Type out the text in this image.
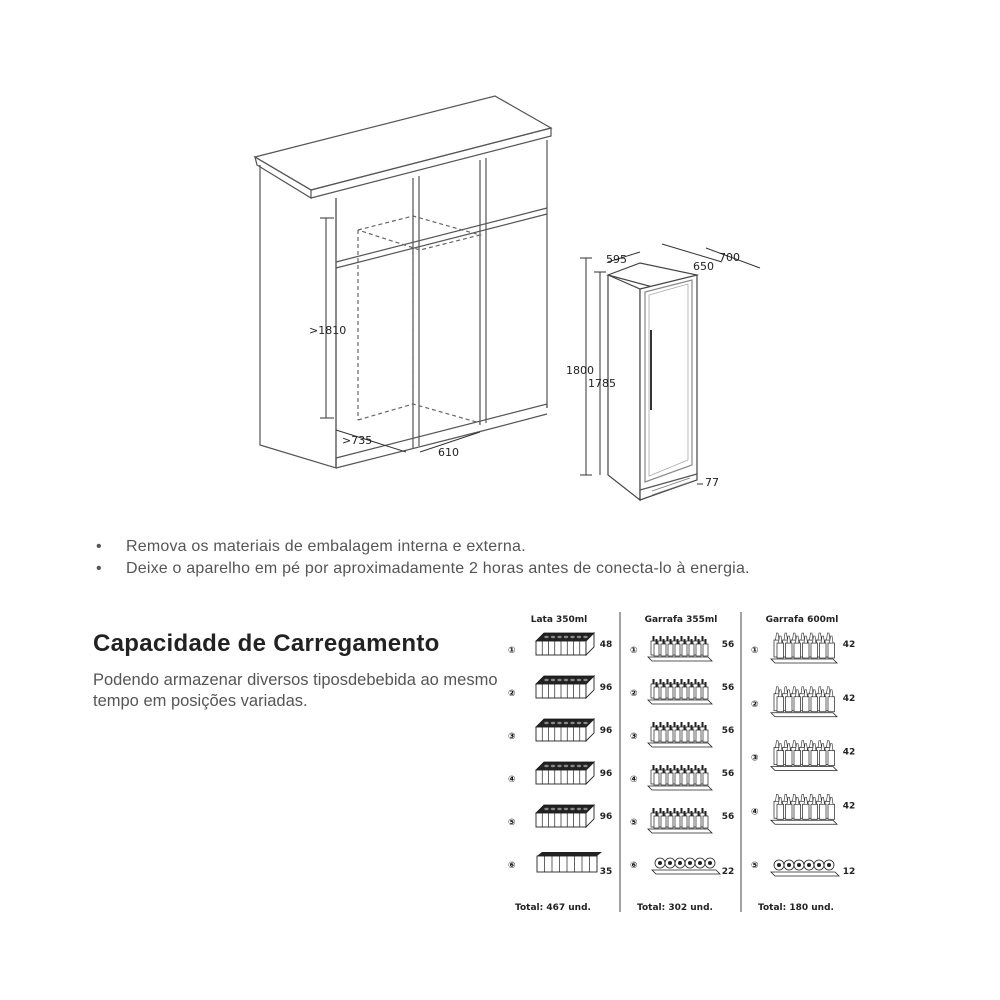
>1810
>735
610
595
650
700
1800
1785
77
• Remova os materiais de embalagem interna e externa.
• Deixe o aparelho em pé por aproximadamente 2 horas antes de conecta-lo à energia.
Capacidade de Carregamento
Podendo armazenar diversos tiposdebebida ao mesmo tempo em posições variadas.
Lata 350ml
①
48
②
96
③
96
④
96
⑤
96
⑥
35
Total: 467 und.
Garrafa 355ml
①
56
②
56
③
56
④
56
⑤
56
⑥
22
Total: 302 und.
Garrafa 600ml
①
42
②
42
③
42
④
42
⑤
12
Total: 180 und.
